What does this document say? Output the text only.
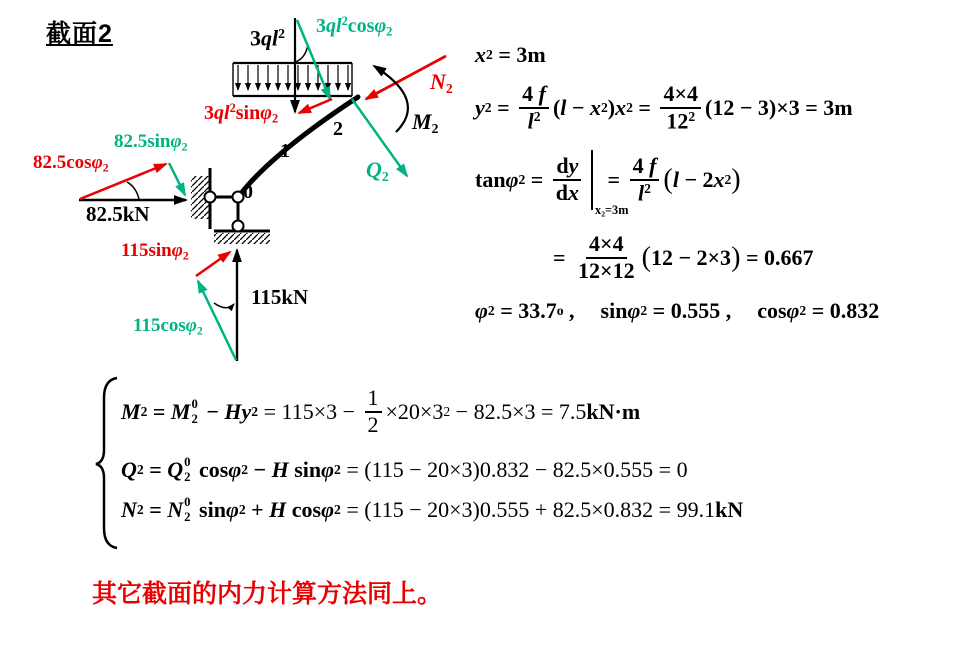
截面2
其它截面的内力计算方法同上。
$3ql^2$ $3ql^2\cos\varphi 2$
$3ql^2\sin\varphi 2$
N2
M2
Q2
82.5cosφ2
82.5sinφ2
82.5kN
115sinφ2
115cosφ2
115kN
0
1
2
x 2 = 3m
y $2 = \frac{4 f}{l^2}$ ( l − x 2 ) x $2 = \frac{4\times 4}{12^2} (12 - 3)\times 3 = 3m$
tan φ $2 = \frac{dy}{dx}$
x2=3m
= $\frac{4 f}{l^2}$ ( l − 2 x 2 )
= $\frac{4\times 4}{12\times 12}$ ( 12 − 2×3 ) = 0.667
φ 2 = 33.7 o , sin φ 2 = 0.555 , cos φ 2 = 0.832
M 2 = M 0
2 − H y $2 = 115\times 3 - \frac{1}{2} \times 20\times 3$ 2 − 82.5×3 = 7.5 kN·m
Q 2 = Q 0
2 cos φ 2 − H sin φ 2 = (115 − 20×3)0.832 − 82.5×0.555 = 0
N 2 = N 0
2 sin φ 2 + H cos φ 2 = (115 − 20×3)0.555 + 82.5×0.832 = 99.1 kN
